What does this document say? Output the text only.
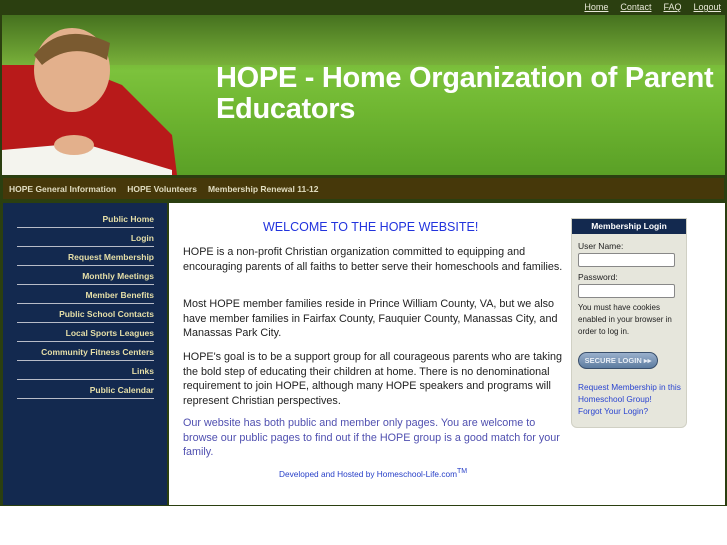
Home Contact FAQ Logout
HOPE - Home Organization of Parent Educators
HOPE General Information HOPE Volunteers Membership Renewal 11-12
Public Home
Login
Request Membership
Monthly Meetings
Member Benefits
Public School Contacts
Local Sports Leagues
Community Fitness Centers
Links
Public Calendar
WELCOME TO THE HOPE WEBSITE!

HOPE is a non-profit Christian organization committed to equipping and encouraging parents of all faiths to better serve their homeschools and families.

Most HOPE member families reside in Prince William County, VA, but we also have member families in Fairfax County, Fauquier County, Manassas City, and Manassas Park City.

HOPE's goal is to be a support group for all courageous parents who are taking the bold step of educating their children at home. There is no denominational requirement to join HOPE, although many HOPE speakers and programs will represent Christian perspectives.

Our website has both public and member only pages. You are welcome to browse our public pages to find out if the HOPE group is a good match for your family.

Developed and Hosted by Homeschool-Life.com™
Membership Login
User Name:
Password:
You must have cookies enabled in your browser in order to log in.
SECURE LOGIN ▸▸
Request Membership in this Homeschool Group!
Forgot Your Login?
